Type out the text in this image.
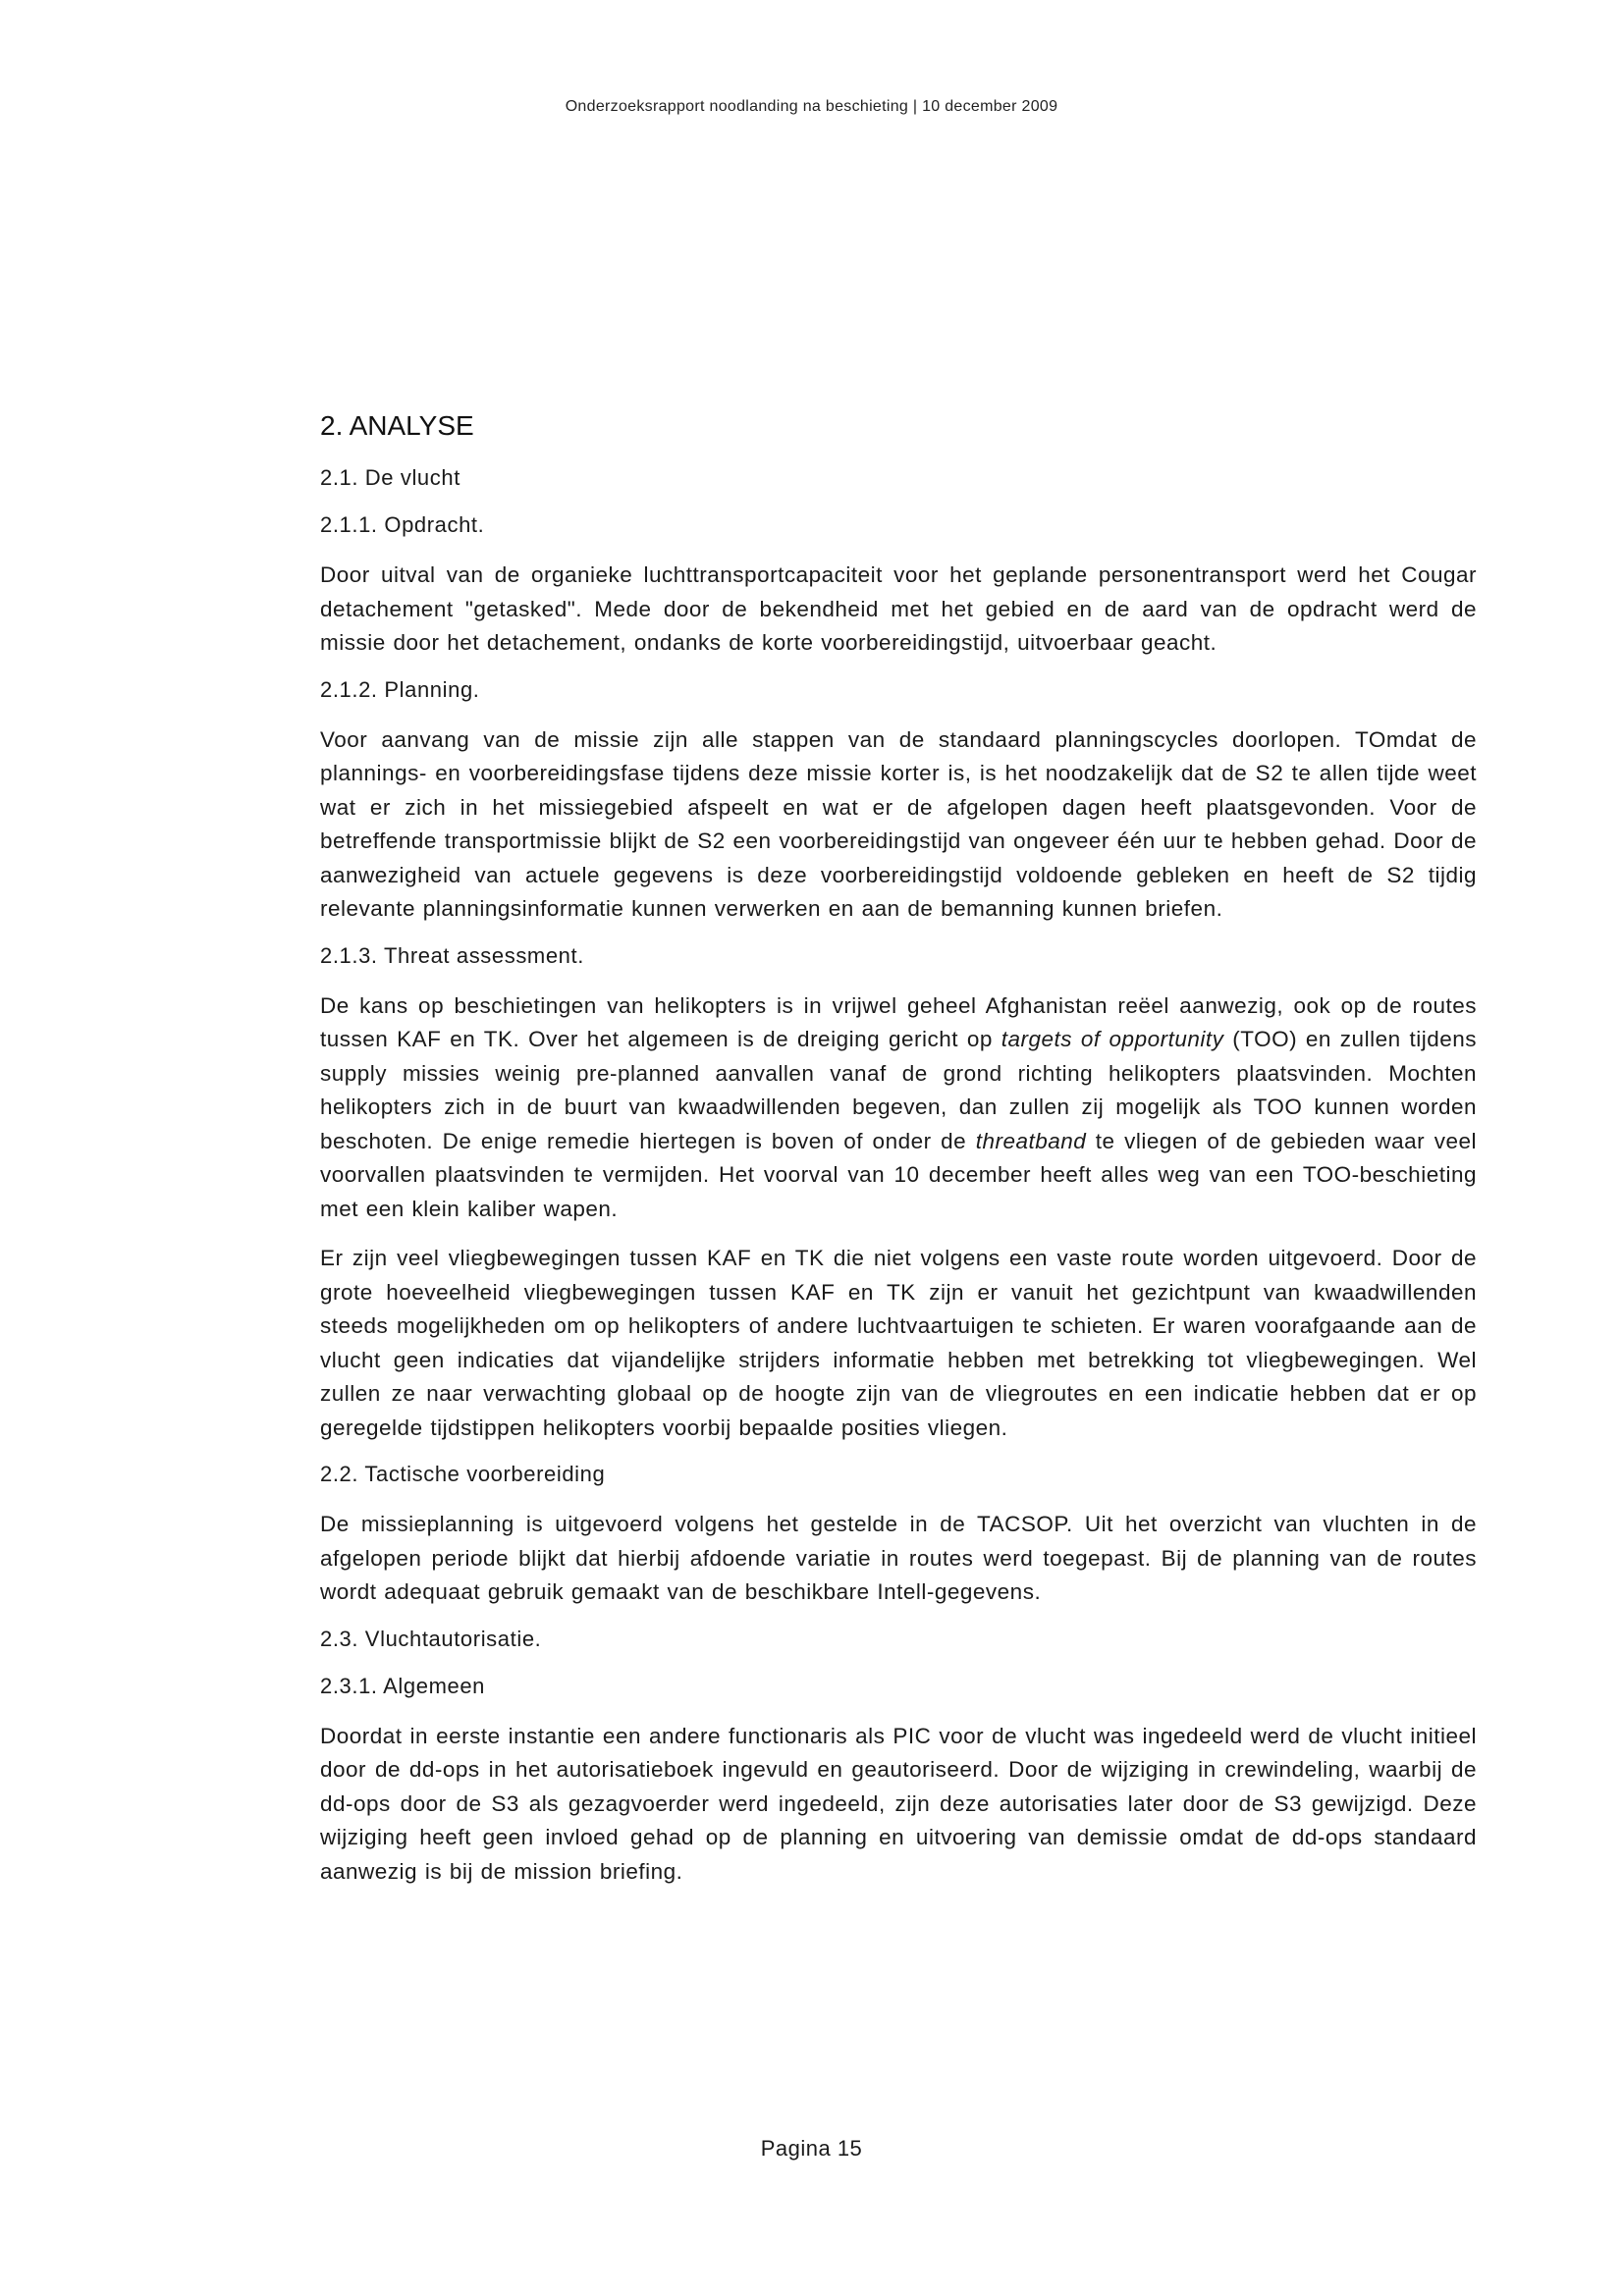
Onderzoeksrapport noodlanding na beschieting | 10 december 2009
2. ANALYSE
2.1. De vlucht
2.1.1. Opdracht.

Door uitval van de organieke luchttransportcapaciteit voor het geplande personentransport werd het Cougar detachement "getasked". Mede door de bekendheid met het gebied en de aard van de opdracht werd de missie door het detachement, ondanks de korte voorbereidingstijd, uitvoerbaar geacht.

2.1.2. Planning.

Voor aanvang van de missie zijn alle stappen van de standaard planningscycles doorlopen. TOmdat de plannings- en voorbereidingsfase tijdens deze missie korter is, is het noodzakelijk dat de S2 te allen tijde weet wat er zich in het missiegebied afspeelt en wat er de afgelopen dagen heeft plaatsgevonden. Voor de betreffende transportmissie blijkt de S2 een voorbereidingstijd van ongeveer één uur te hebben gehad. Door de aanwezigheid van actuele gegevens is deze voorbereidingstijd voldoende gebleken en heeft de S2 tijdig relevante planningsinformatie kunnen verwerken en aan de bemanning kunnen briefen.

2.1.3. Threat assessment.

De kans op beschietingen van helikopters is in vrijwel geheel Afghanistan reëel aanwezig, ook op de routes tussen KAF en TK. Over het algemeen is de dreiging gericht op targets of opportunity (TOO) en zullen tijdens supply missies weinig pre-planned aanvallen vanaf de grond richting helikopters plaatsvinden. Mochten helikopters zich in de buurt van kwaadwillenden begeven, dan zullen zij mogelijk als TOO kunnen worden beschoten. De enige remedie hiertegen is boven of onder de threatband te vliegen of de gebieden waar veel voorvallen plaatsvinden te vermijden. Het voorval van 10 december heeft alles weg van een TOO-beschieting met een klein kaliber wapen.

Er zijn veel vliegbewegingen tussen KAF en TK die niet volgens een vaste route worden uitgevoerd. Door de grote hoeveelheid vliegbewegingen tussen KAF en TK zijn er vanuit het gezichtpunt van kwaadwillenden steeds mogelijkheden om op helikopters of andere luchtvaartuigen te schieten. Er waren voorafgaande aan de vlucht geen indicaties dat vijandelijke strijders informatie hebben met betrekking tot vliegbewegingen. Wel zullen ze naar verwachting globaal op de hoogte zijn van de vliegroutes en een indicatie hebben dat er op geregelde tijdstippen helikopters voorbij bepaalde posities vliegen.

2.2. Tactische voorbereiding

De missieplanning is uitgevoerd volgens het gestelde in de TACSOP. Uit het overzicht van vluchten in de afgelopen periode blijkt dat hierbij afdoende variatie in routes werd toegepast. Bij de planning van de routes wordt adequaat gebruik gemaakt van de beschikbare Intell-gegevens.

2.3. Vluchtautorisatie.
2.3.1. Algemeen

Doordat in eerste instantie een andere functionaris als PIC voor de vlucht was ingedeeld werd de vlucht initieel door de dd-ops in het autorisatieboek ingevuld en geautoriseerd. Door de wijziging in crewindeling, waarbij de dd-ops door de S3 als gezagvoerder werd ingedeeld, zijn deze autorisaties later door de S3 gewijzigd. Deze wijziging heeft geen invloed gehad op de planning en uitvoering van demissie omdat de dd-ops standaard aanwezig is bij de mission briefing.

Pagina 15
